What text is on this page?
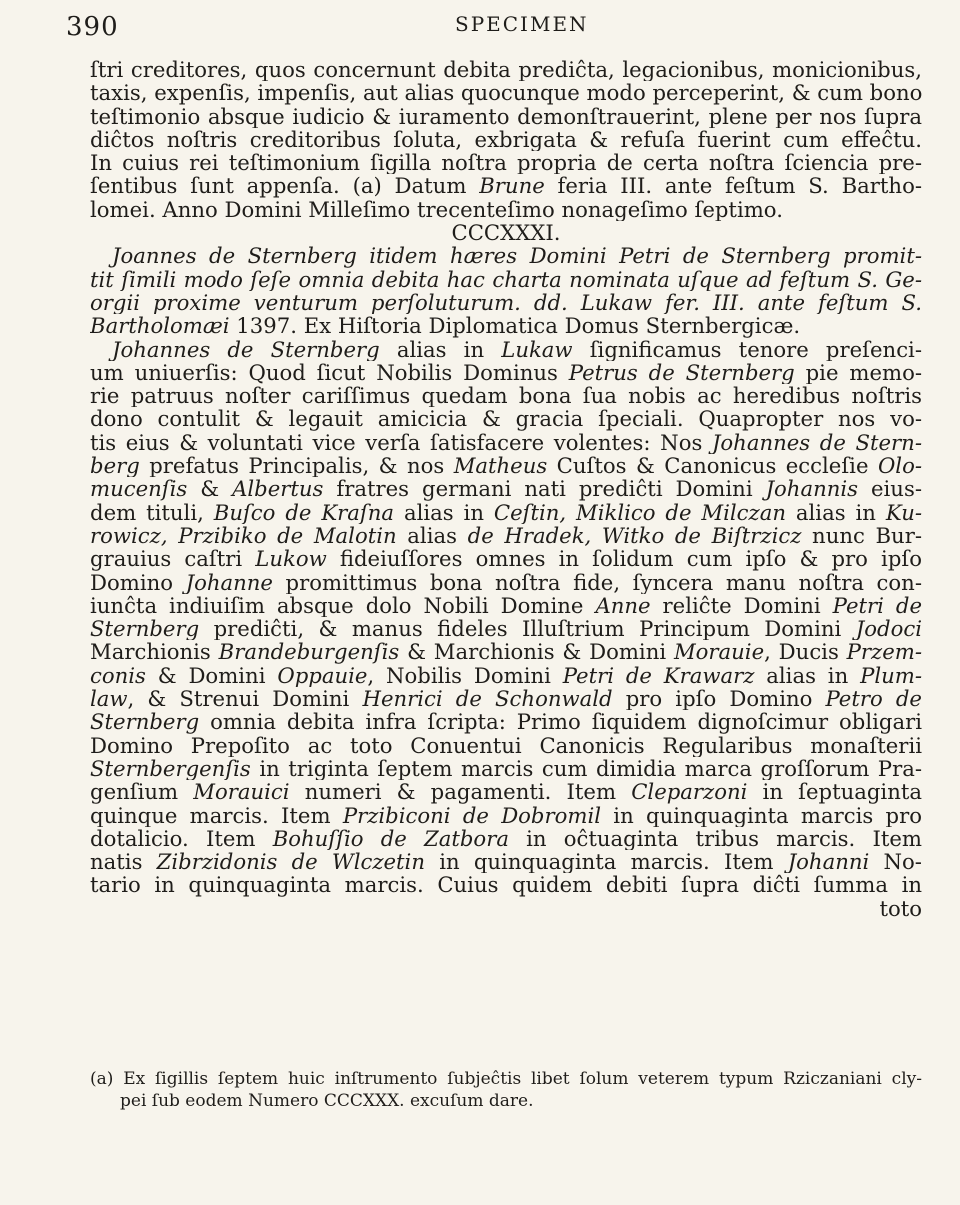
390	SPECIMEN
ſtri creditores, quos concernunt debita prediĉta, legacionibus, monicionibus,
taxis, expenſis, impenſis, aut alias quocunque modo perceperint, & cum bono
teſtimonio absque iudicio & iuramento demonſtrauerint, plene per nos ſupra
diĉtos noſtris creditoribus ſoluta, exbrigata & refuſa fuerint cum effeĉtu.
In cuius rei teſtimonium ſigilla noſtra propria de certa noſtra ſciencia pre-
ſentibus ſunt appenſa. (a) Datum Brune feria III. ante feſtum S. Bartho-
lomei. Anno Domini Milleſimo trecenteſimo nonageſimo ſeptimo.
CCCXXXI.
Joannes de Sternberg itidem hæres Domini Petri de Sternberg promit-
tit ſimili modo ſeſe omnia debita hac charta nominata uſque ad feſtum S. Ge-
orgii proxime venturum perſoluturum. dd. Lukaw fer. III. ante feſtum S.
Bartholomæi 1397. Ex Hiſtoria Diplomatica Domus Sternbergicæ.
Johannes de Sternberg alias in Lukaw ſignificamus tenore preſenci-
um uniuerſis: Quod ſicut Nobilis Dominus Petrus de Sternberg pie memo-
rie patruus noſter cariſſimus quedam bona ſua nobis ac heredibus noſtris
dono contulit & legauit amicicia & gracia ſpeciali. Quapropter nos vo-
tis eius & voluntati vice verſa ſatisfacere volentes: Nos Johannes de Stern-
berg prefatus Principalis, & nos Matheus Cuſtos & Canonicus eccleſie Olo-
mucenſis & Albertus fratres germani nati prediĉti Domini Johannis eius-
dem tituli, Buſco de Kraſna alias in Ceſtin, Miklico de Milczan alias in Ku-
rowicz, Przibiko de Malotin alias de Hradek, Witko de Biſtrzicz nunc Bur-
grauius caſtri Lukow fideiuſſores omnes in ſolidum cum ipſo & pro ipſo
Domino Johanne promittimus bona noſtra fide, ſyncera manu noſtra con-
iunĉta indiuiſim absque dolo Nobili Domine Anne reliĉte Domini Petri de
Sternberg prediĉti, & manus fideles Illuſtrium Principum Domini Jodoci
Marchionis Brandeburgenſis & Marchionis & Domini Morauie, Ducis Przem-
conis & Domini Oppauie, Nobilis Domini Petri de Krawarz alias in Plum-
law, & Strenui Domini Henrici de Schonwald pro ipſo Domino Petro de
Sternberg omnia debita infra ſcripta: Primo ſiquidem dignoſcimur obligari
Domino Prepoſito ac toto Conuentui Canonicis Regularibus monaſterii
Sternbergenſis in triginta ſeptem marcis cum dimidia marca groſſorum Pra-
genſium Morauici numeri & pagamenti. Item Cleparzoni in ſeptuaginta
quinque marcis. Item Przibiconi de Dobromil in quinquaginta marcis pro
dotalicio. Item Bohuſſio de Zatbora in oĉtuaginta tribus marcis. Item
natis Zibrzidonis de Wlczetin in quinquaginta marcis. Item Johanni No-
tario in quinquaginta marcis. Cuius quidem debiti ſupra diĉti ſumma in
toto
(a) Ex ſigillis ſeptem huic inſtrumento ſubjeĉtis libet ſolum veterem typum Rziczaniani cly-
pei ſub eodem Numero CCCXXX. excuſum dare.
